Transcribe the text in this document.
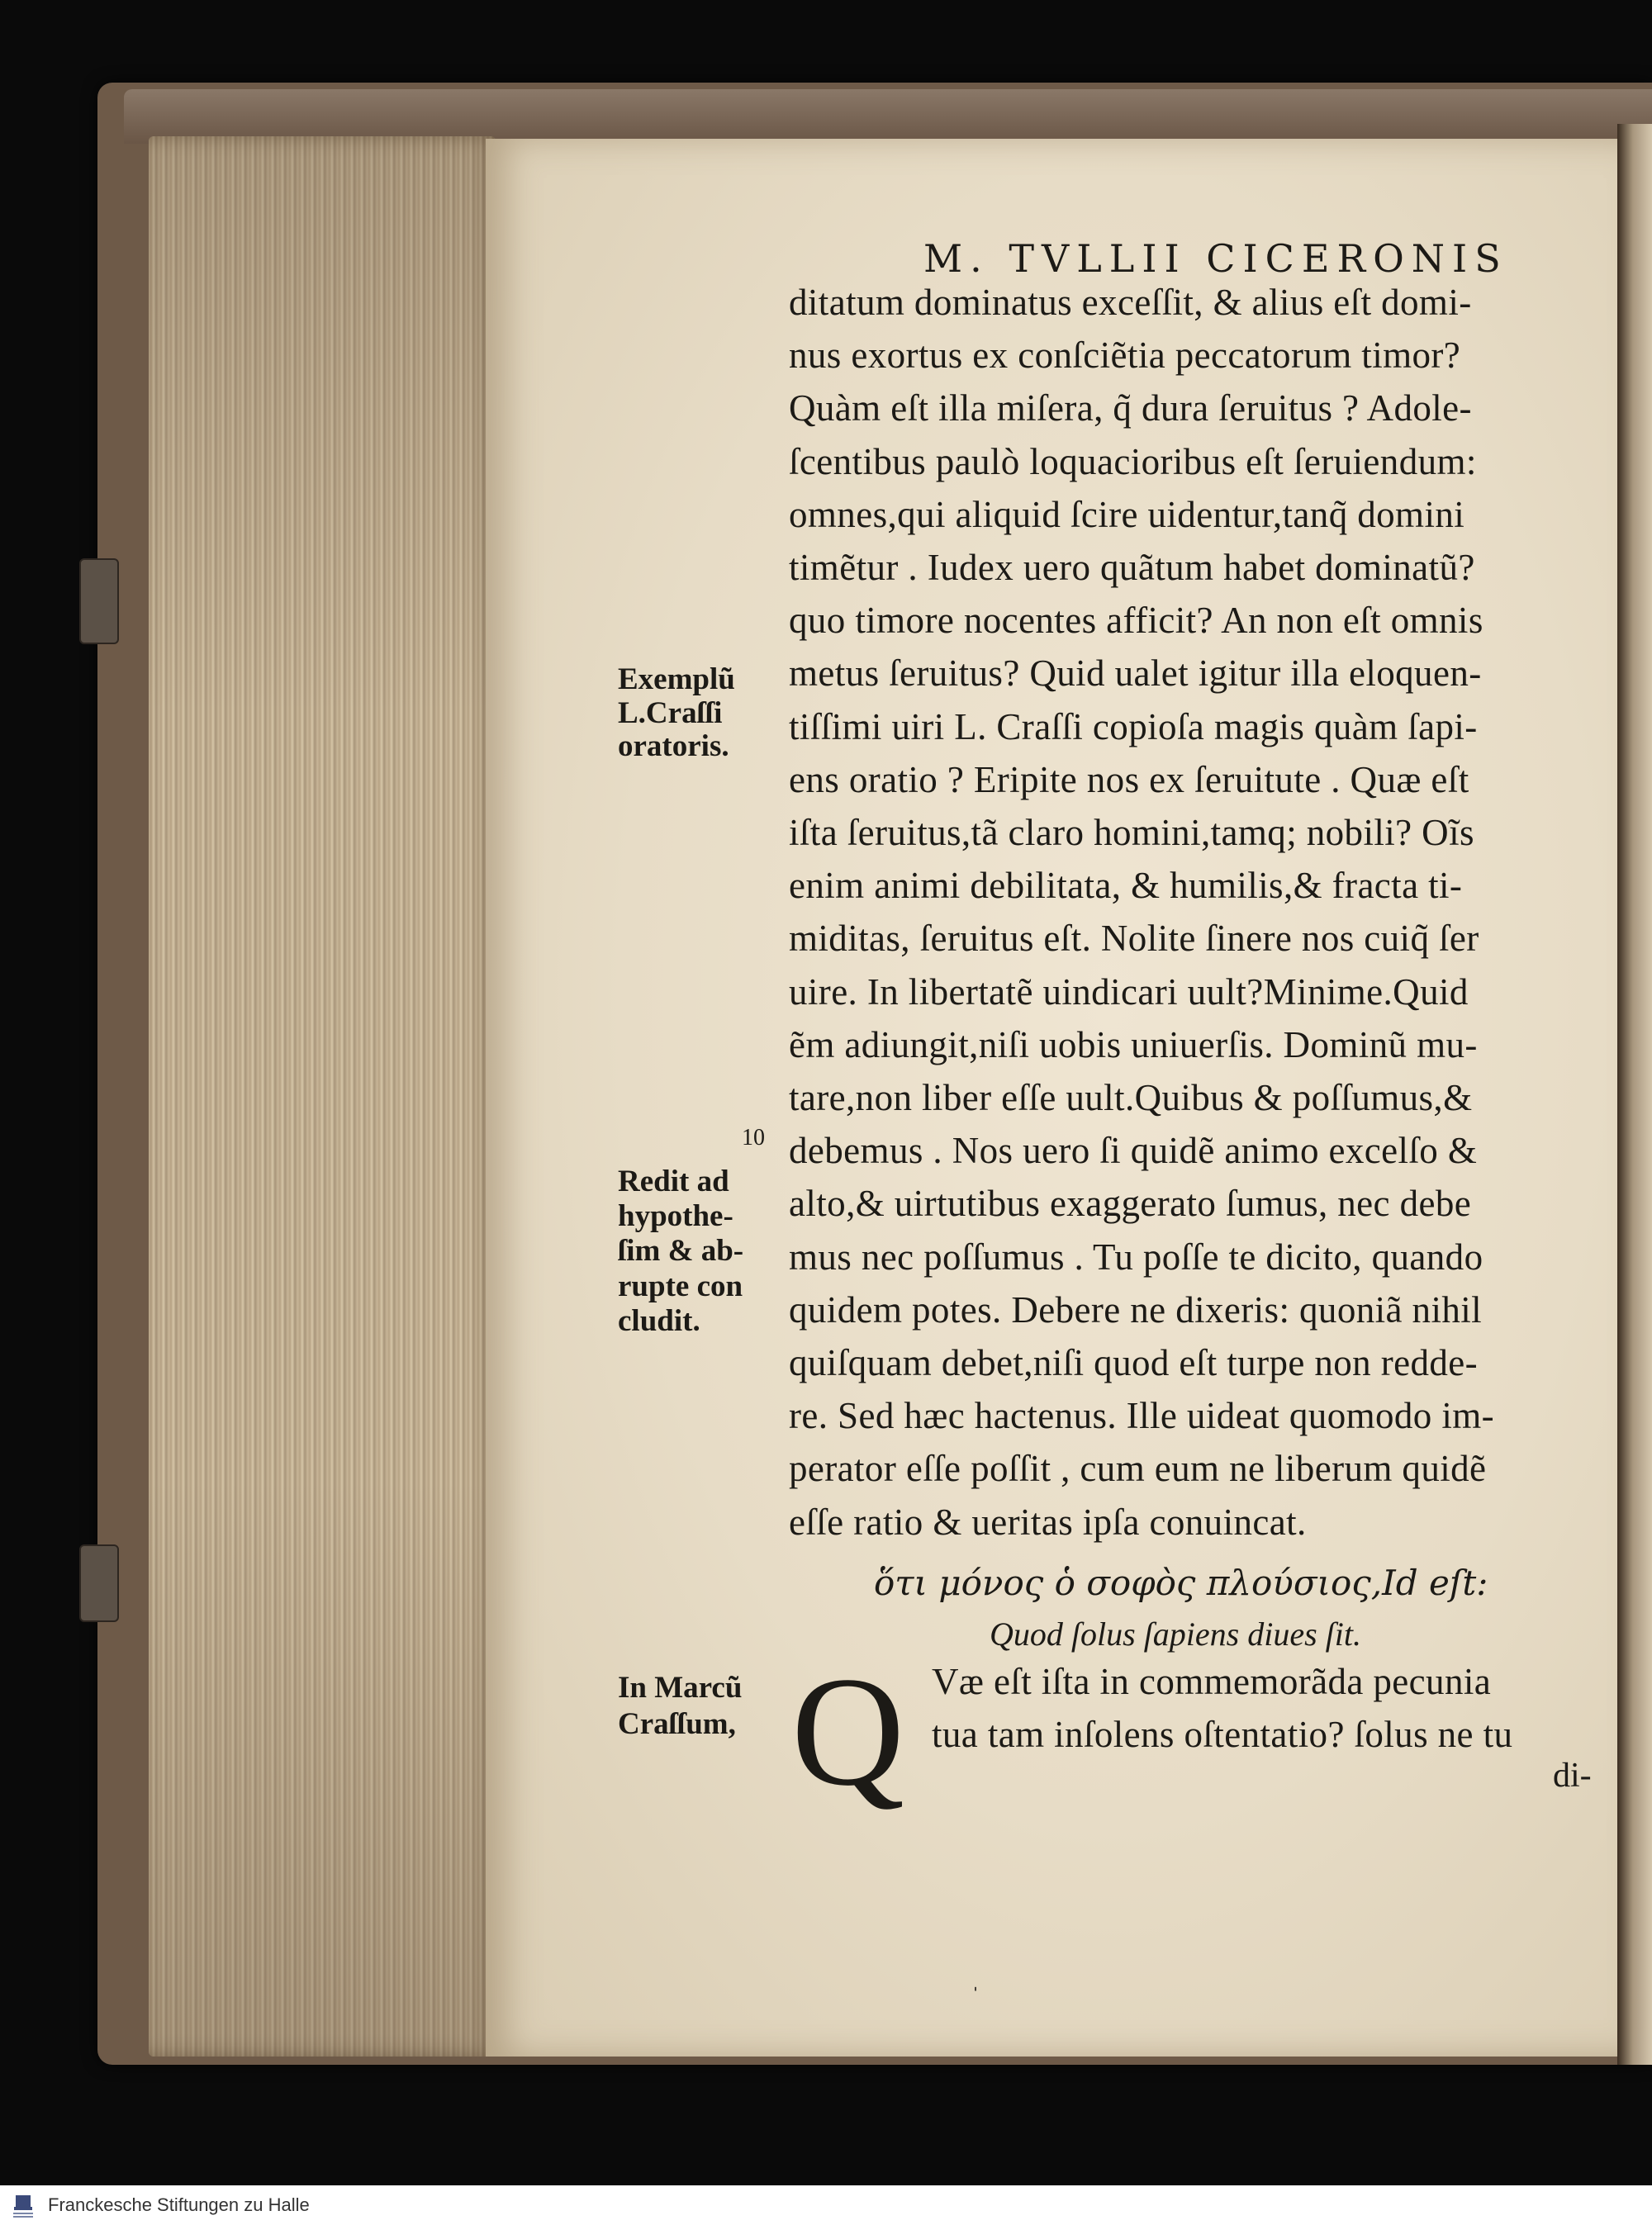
M. TVLLII CICERONIS
ditatum dominatus exceſſit, & alius eſt domi-
nus exortus ex conſciẽtia peccatorum timor?
Quàm eſt illa miſera, q̃ dura ſeruitus ? Adole-
ſcentibus paulò loquacioribus eſt ſeruiendum:
omnes,qui aliquid ſcire uidentur,tanq̃ domini
timẽtur . Iudex uero quãtum habet dominatũ?
quo timore nocentes afficit? An non eſt omnis
metus ſeruitus? Quid ualet igitur illa eloquen-
tiſſimi uiri L. Craſſi copioſa magis quàm ſapi-
ens oratio ? Eripite nos ex ſeruitute . Quæ eſt
iſta ſeruitus,tã claro homini,tamq; nobili? Oĩs
enim animi debilitata, & humilis,& fracta ti-
miditas, ſeruitus eſt. Nolite ſinere nos cuiq̃ ſer
uire. In libertatẽ uindicari uult?Minime.Quid
ẽm adiungit,niſi uobis uniuerſis. Dominũ mu-
tare,non liber eſſe uult.Quibus & poſſumus,&
debemus . Nos uero ſi quidẽ animo excelſo &
alto,& uirtutibus exaggerato ſumus, nec debe
mus nec poſſumus . Tu poſſe te dicito, quando
quidem potes. Debere ne dixeris: quoniã nihil
quiſquam debet,niſi quod eſt turpe non redde-
re. Sed hæc hactenus. Ille uideat quomodo im-
perator eſſe poſſit , cum eum ne liberum quidẽ
eſſe ratio & ueritas ipſa conuincat.
Exemplũ
L.Craſſi
oratoris.
10
Redit ad
hypothe-
ſim & ab-
rupte con
cludit.
ὅτι μόνος ὁ σοφὸς πλούσιος,Id eſt:
Quod ſolus ſapiens diues ſit.
In Marcũ
Craſſum, Q Væ eſt iſta in commemorãda pecunia
tua tam inſolens oſtentatio? ſolus ne tu
di-
ˌ
Franckesche Stiftungen zu Halle
